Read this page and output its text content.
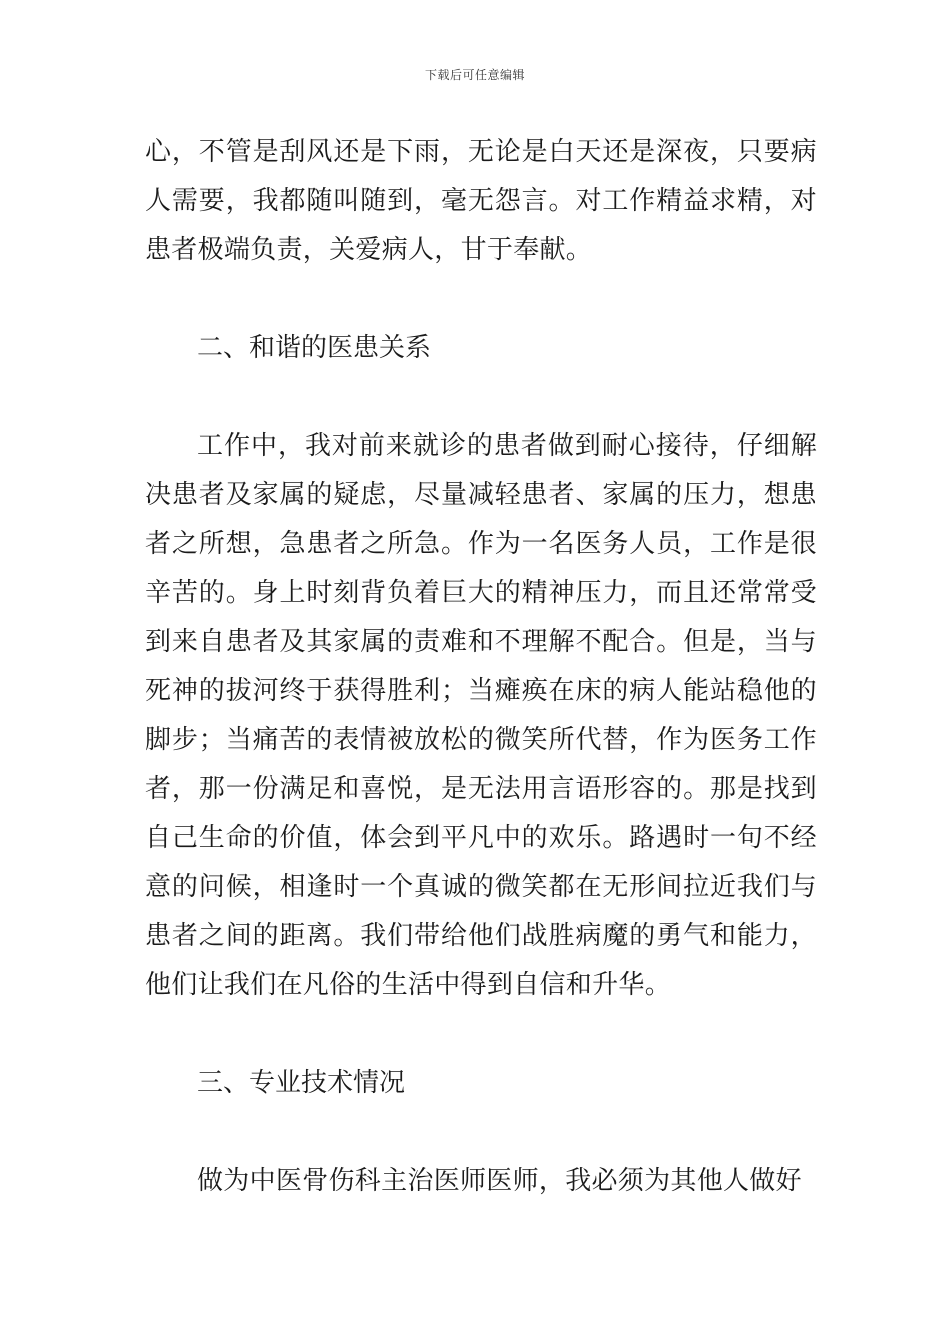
下载后可任意编辑
心，不管是刮风还是下雨，无论是白天还是深夜，只要病
人需要，我都随叫随到，毫无怨言。对工作精益求精，对
患者极端负责，关爱病人，甘于奉献。
二、和谐的医患关系
工作中，我对前来就诊的患者做到耐心接待，仔细解
决患者及家属的疑虑，尽量减轻患者、家属的压力，想患
者之所想，急患者之所急。作为一名医务人员，工作是很
辛苦的。身上时刻背负着巨大的精神压力，而且还常常受
到来自患者及其家属的责难和不理解不配合。但是，当与
死神的拔河终于获得胜利；当瘫痪在床的病人能站稳他的
脚步；当痛苦的表情被放松的微笑所代替，作为医务工作
者，那一份满足和喜悦，是无法用言语形容的。那是找到
自己生命的价值，体会到平凡中的欢乐。路遇时一句不经
意的问候，相逢时一个真诚的微笑都在无形间拉近我们与
患者之间的距离。我们带给他们战胜病魔的勇气和能力，
他们让我们在凡俗的生活中得到自信和升华。
三、专业技术情况
做为中医骨伤科主治医师医师，我必须为其他人做好
